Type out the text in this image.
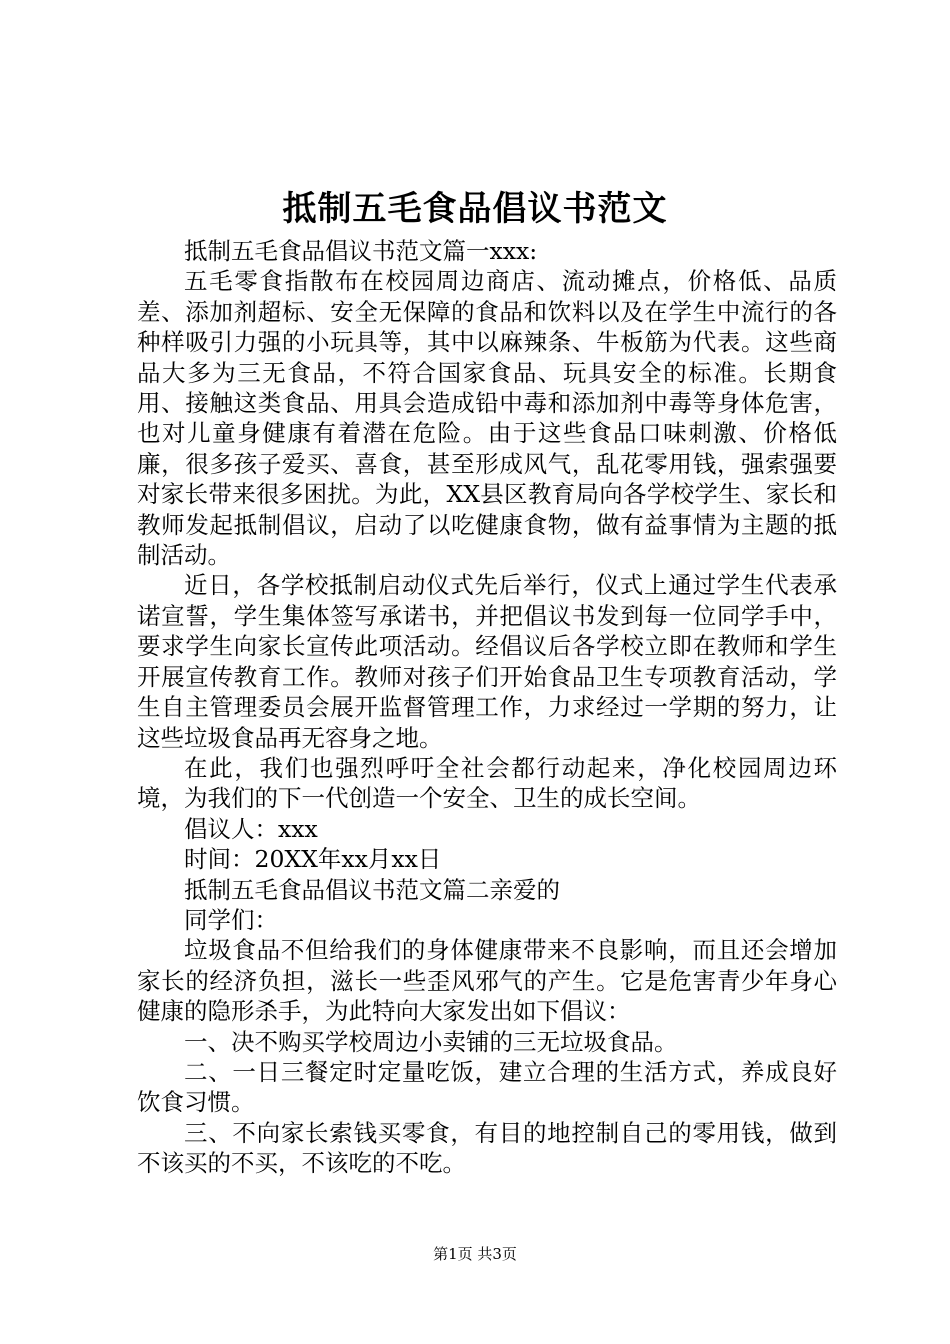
抵制五毛食品倡议书范文

抵制五毛食品倡议书范文篇一xxx:

五毛零食指散布在校园周边商店、流动摊点，价格低、品质差、添加剂超标、安全无保障的食品和饮料以及在学生中流行的各种样吸引力强的小玩具等，其中以麻辣条、牛板筋为代表。这些商品大多为三无食品，不符合国家食品、玩具安全的标准。长期食用、接触这类食品、用具会造成铅中毒和添加剂中毒等身体危害，也对儿童身健康有着潜在危险。由于这些食品口味刺激、价格低廉，很多孩子爱买、喜食，甚至形成风气，乱花零用钱，强索强要对家长带来很多困扰。为此，XX县区教育局向各学校学生、家长和教师发起抵制倡议，启动了以吃健康食物，做有益事情为主题的抵制活动。

近日，各学校抵制启动仪式先后举行，仪式上通过学生代表承诺宣誓，学生集体签写承诺书，并把倡议书发到每一位同学手中，要求学生向家长宣传此项活动。经倡议后各学校立即在教师和学生开展宣传教育工作。教师对孩子们开始食品卫生专项教育活动，学生自主管理委员会展开监督管理工作，力求经过一学期的努力，让这些垃圾食品再无容身之地。

在此，我们也强烈呼吁全社会都行动起来，净化校园周边环境，为我们的下一代创造一个安全、卫生的成长空间。

倡议人：xxx

时间：20XX年xx月xx日

抵制五毛食品倡议书范文篇二亲爱的

同学们：

垃圾食品不但给我们的身体健康带来不良影响，而且还会增加家长的经济负担，滋长一些歪风邪气的产生。它是危害青少年身心健康的隐形杀手，为此特向大家发出如下倡议：

一、决不购买学校周边小卖铺的三无垃圾食品。

二、一日三餐定时定量吃饭，建立合理的生活方式，养成良好饮食习惯。

三、不向家长索钱买零食，有目的地控制自己的零用钱，做到不该买的不买，不该吃的不吃。

第1页 共3页
